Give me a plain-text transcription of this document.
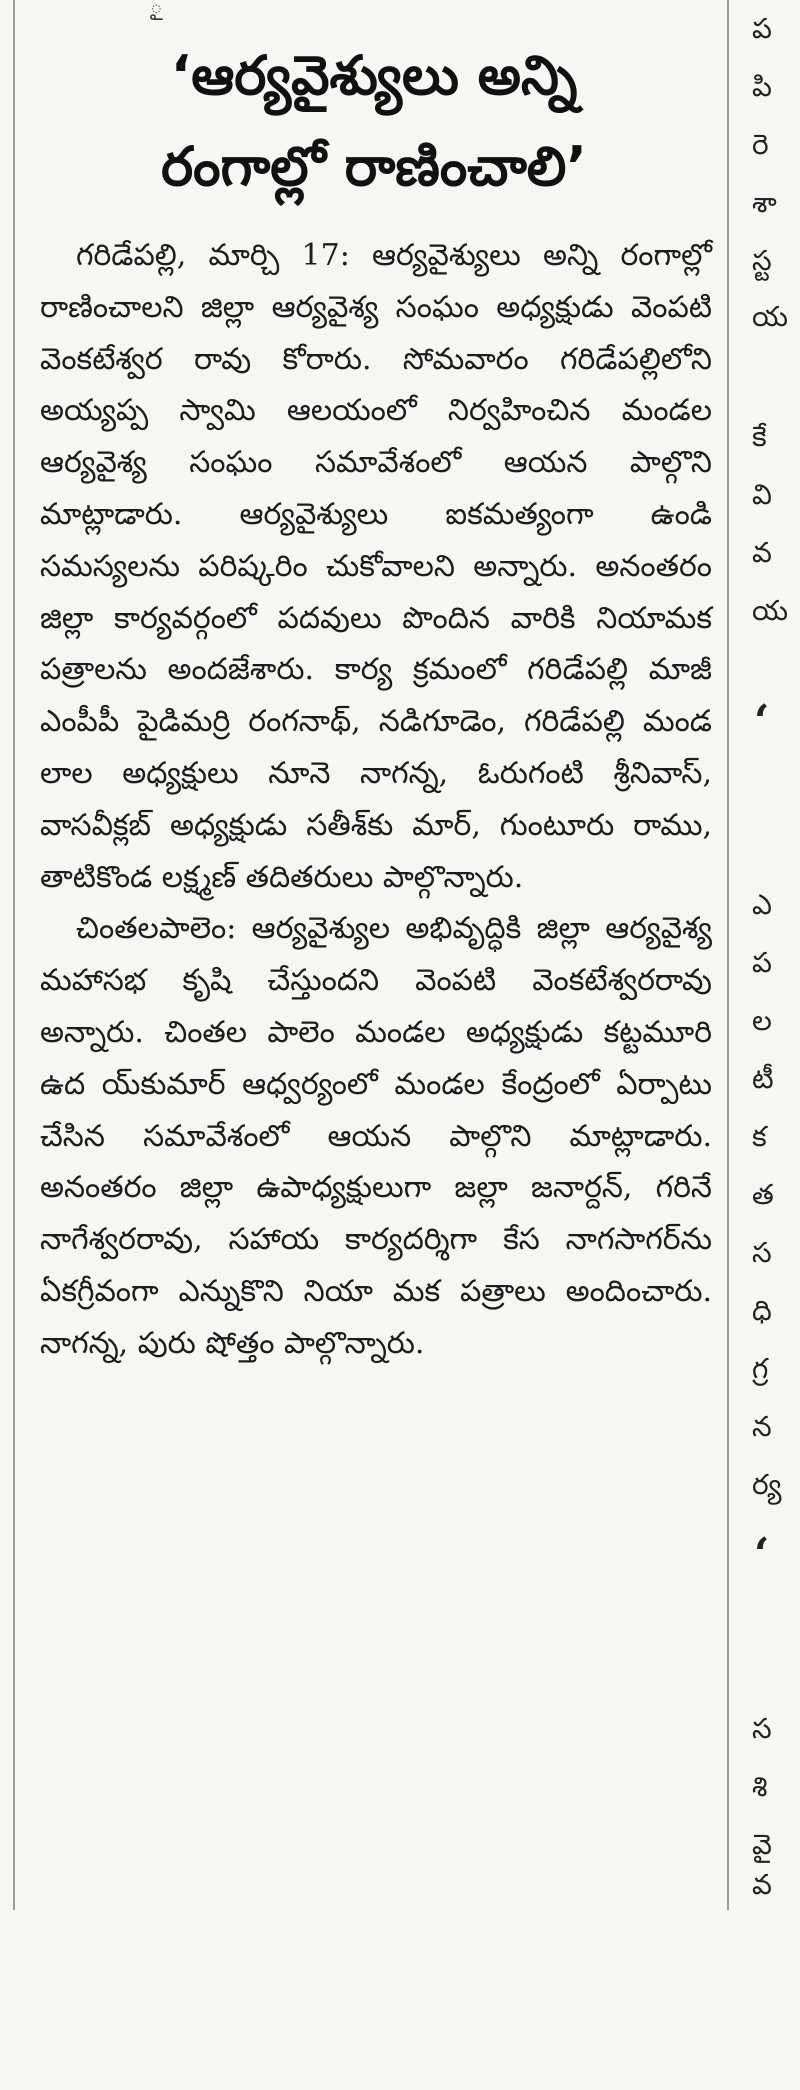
ౖ
‘ఆర్యవైశ్యులు అన్ని
రంగాల్లో రాణించాలి’

గరిడేపల్లి, మార్చి 17: ఆర్యవైశ్యులు అన్ని రంగాల్లో రాణించాలని జిల్లా ఆర్యవైశ్య సంఘం అధ్యక్షుడు వెంపటి వెంకటేశ్వర రావు కోరారు. సోమవారం గరిడేపల్లిలోని అయ్యప్ప స్వామి ఆలయంలో నిర్వహించిన మండల ఆర్యవైశ్య సంఘం సమావేశంలో ఆయన పాల్గొని మాట్లాడారు. ఆర్యవైశ్యులు ఐకమత్యంగా ఉండి సమస్యలను పరిష్కరిం చుకోవాలని అన్నారు. అనంతరం జిల్లా కార్యవర్గంలో పదవులు పొందిన వారికి నియామక పత్రాలను అందజేశారు. కార్య క్రమంలో గరిడేపల్లి మాజీ ఎంపీపీ పైడిమర్రి రంగనాథ్, నడిగూడెం, గరిడేపల్లి మండ లాల అధ్యక్షులు నూనె నాగన్న, ఓరుగంటి శ్రీనివాస్, వాసవీక్లబ్ అధ్యక్షుడు సతీశ్‌కు మార్, గుంటూరు రాము, తాటికొండ లక్ష్మణ్ తదితరులు పాల్గొన్నారు.

చింతలపాలెం: ఆర్యవైశ్యుల అభివృద్ధికి జిల్లా ఆర్యవైశ్య మహాసభ కృషి చేస్తుందని వెంపటి వెంకటేశ్వరరావు అన్నారు. చింతల పాలెం మండల అధ్యక్షుడు కట్టమూరి ఉద య్‌కుమార్ ఆధ్వర్యంలో మండల కేంద్రంలో ఏర్పాటు చేసిన సమావేశంలో ఆయన పాల్గొని మాట్లాడారు. అనంతరం జిల్లా ఉపాధ్యక్షులుగా జల్లా జనార్దన్, గరినే నాగేశ్వరరావు, సహాయ కార్యదర్శిగా కేస నాగసాగర్‌ను ఏకగ్రీవంగా ఎన్నుకొని నియా మక పత్రాలు అందించారు. నాగన్న, పురు షోత్తం పాల్గొన్నారు.

ప
పి
రె
శా
స్ట
య
కే
వి
వ
య
‘
ఎ
ప
ల
టీ
క
త
స
ధి
గ్ర
న
ర్య
‘
స
శి
వై
వ
